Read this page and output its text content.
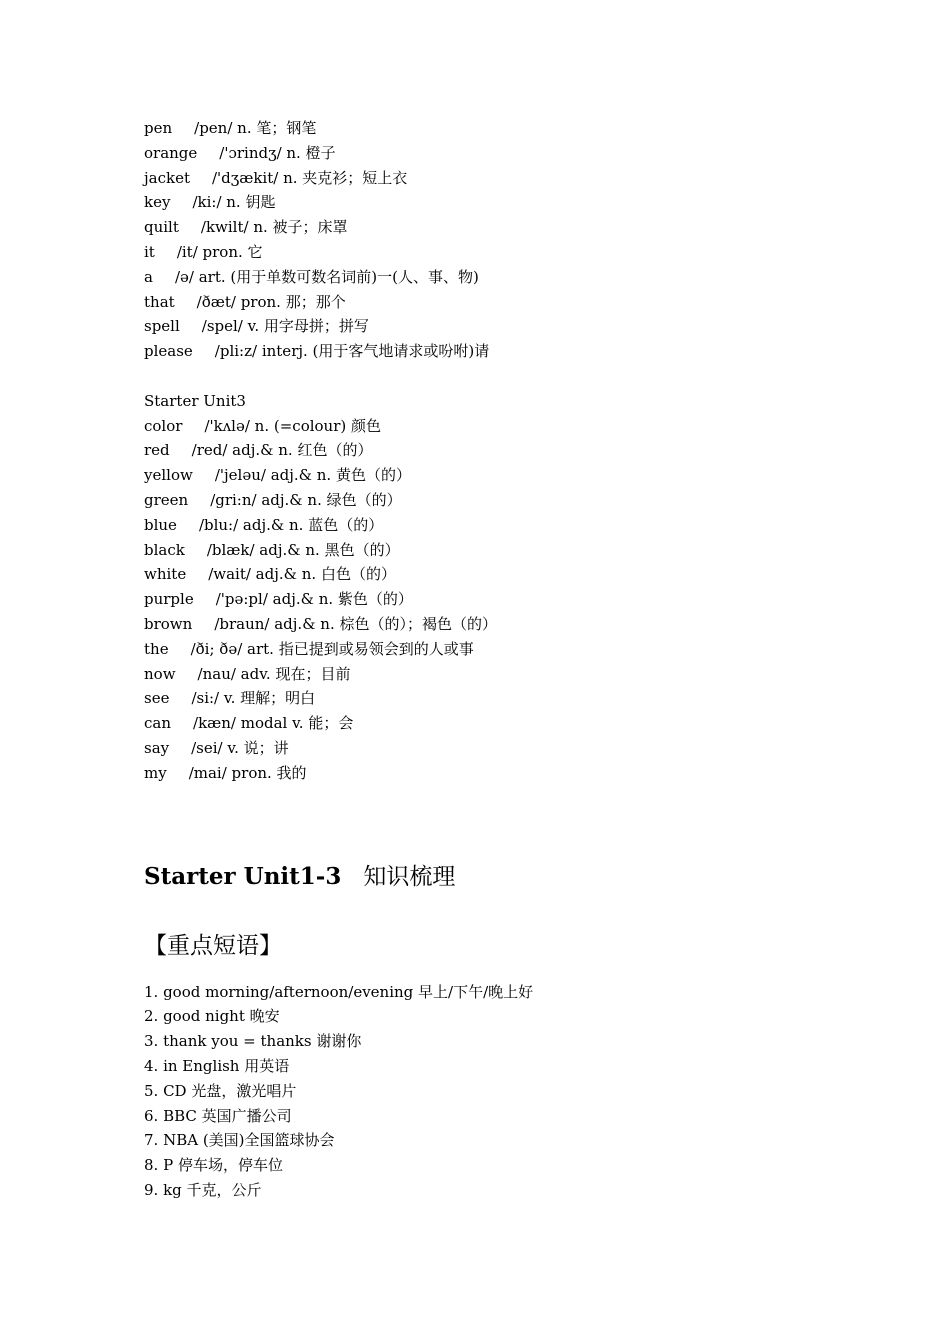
pen /pen/ n. 笔；钢笔
orange /'ɔrindʒ/ n. 橙子
jacket /'dʒækit/ n. 夹克衫；短上衣
key /ki:/ n. 钥匙
quilt /kwilt/ n. 被子；床罩
it /it/ pron. 它
a /ə/ art. (用于单数可数名词前)一(人、事、物)
that /ðæt/ pron. 那；那个
spell /spel/ v. 用字母拼；拼写
please /pli:z/ interj. (用于客气地请求或吩咐)请
Starter Unit3
color /'kʌlə/ n. (=colour) 颜色
red /red/ adj.& n. 红色（的）
yellow /'jeləu/ adj.& n. 黄色（的）
green /gri:n/ adj.& n. 绿色（的）
blue /blu:/ adj.& n. 蓝色（的）
black /blæk/ adj.& n. 黑色（的）
white /wait/ adj.& n. 白色（的）
purple /'pə:pl/ adj.& n. 紫色（的）
brown /braun/ adj.& n. 棕色（的）；褐色（的）
the /ði; ðə/ art. 指已提到或易领会到的人或事
now /nau/ adv. 现在；目前
see /si:/ v. 理解；明白
can /kæn/ modal v. 能；会
say /sei/ v. 说；讲
my /mai/ pron. 我的
Starter Unit1-3 知识梳理
【重点短语】
1. good morning/afternoon/evening 早上/下午/晚上好
2. good night 晚安
3. thank you = thanks 谢谢你
4. in English 用英语
5. CD 光盘，激光唱片
6. BBC 英国广播公司
7. NBA (美国)全国篮球协会
8. P 停车场，停车位
9. kg 千克，公斤
